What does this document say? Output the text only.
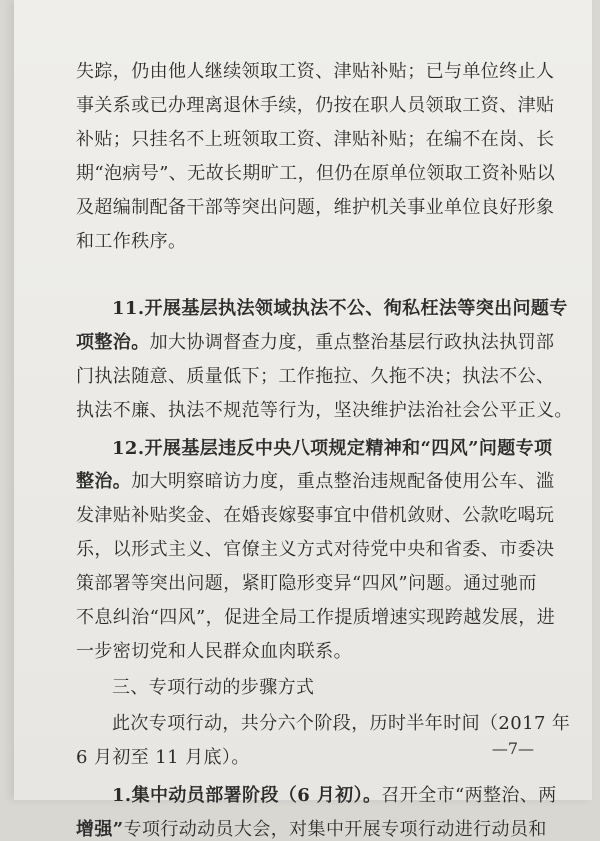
失踪，仍由他人继续领取工资、津贴补贴；已与单位终止人
事关系或已办理离退休手续，仍按在职人员领取工资、津贴
补贴；只挂名不上班领取工资、津贴补贴；在编不在岗、长
期“泡病号”、无故长期旷工，但仍在原单位领取工资补贴以
及超编制配备干部等突出问题，维护机关事业单位良好形象
和工作秩序。
11.开展基层执法领域执法不公、徇私枉法等突出问题专
项整治。加大协调督查力度，重点整治基层行政执法执罚部
门执法随意、质量低下；工作拖拉、久拖不决；执法不公、
执法不廉、执法不规范等行为，坚决维护法治社会公平正义。
12.开展基层违反中央八项规定精神和“四风”问题专项
整治。加大明察暗访力度，重点整治违规配备使用公车、滥
发津贴补贴奖金、在婚丧嫁娶事宜中借机敛财、公款吃喝玩
乐，以形式主义、官僚主义方式对待党中央和省委、市委决
策部署等突出问题，紧盯隐形变异“四风”问题。通过驰而
不息纠治“四风”，促进全局工作提质增速实现跨越发展，进
一步密切党和人民群众血肉联系。
三、专项行动的步骤方式
此次专项行动，共分六个阶段，历时半年时间（2017 年
6 月初至 11 月底）。
1.集中动员部署阶段（6 月初）。召开全市“两整治、两
增强”专项行动动员大会，对集中开展专项行动进行动员和
—7—
